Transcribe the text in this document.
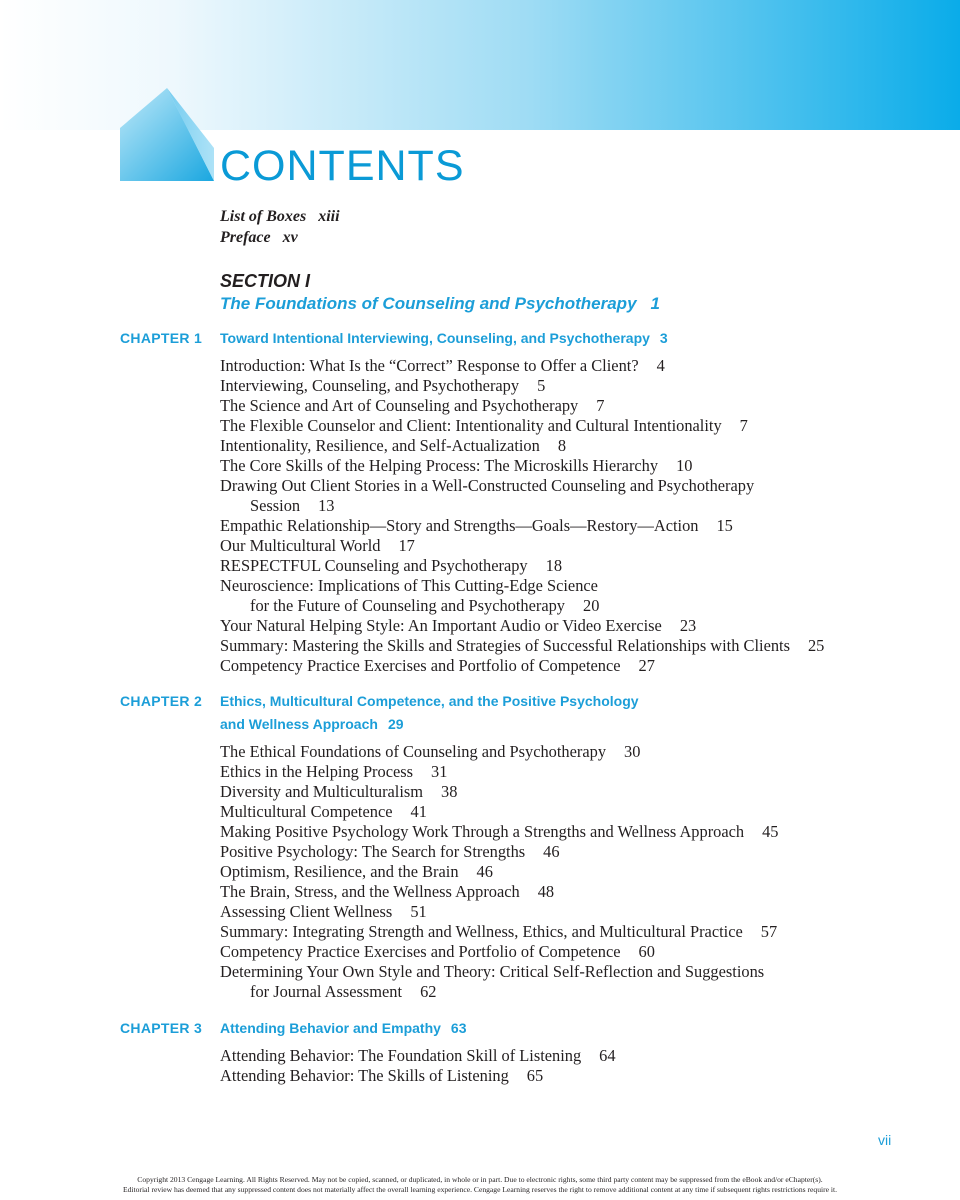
CONTENTS
List of Boxes xiii
Preface xv
SECTION I
The Foundations of Counseling and Psychotherapy 1
CHAPTER 1 Toward Intentional Interviewing, Counseling, and Psychotherapy 3
Introduction: What Is the “Correct” Response to Offer a Client? 4
Interviewing, Counseling, and Psychotherapy 5
The Science and Art of Counseling and Psychotherapy 7
The Flexible Counselor and Client: Intentionality and Cultural Intentionality 7
Intentionality, Resilience, and Self-Actualization 8
The Core Skills of the Helping Process: The Microskills Hierarchy 10
Drawing Out Client Stories in a Well-Constructed Counseling and Psychotherapy
Session 13
Empathic Relationship—Story and Strengths—Goals—Restory—Action 15
Our Multicultural World 17
RESPECTFUL Counseling and Psychotherapy 18
Neuroscience: Implications of This Cutting-Edge Science
for the Future of Counseling and Psychotherapy 20
Your Natural Helping Style: An Important Audio or Video Exercise 23
Summary: Mastering the Skills and Strategies of Successful Relationships with Clients 25
Competency Practice Exercises and Portfolio of Competence 27
CHAPTER 2 Ethics, Multicultural Competence, and the Positive Psychology
and Wellness Approach 29
The Ethical Foundations of Counseling and Psychotherapy 30
Ethics in the Helping Process 31
Diversity and Multiculturalism 38
Multicultural Competence 41
Making Positive Psychology Work Through a Strengths and Wellness Approach 45
Positive Psychology: The Search for Strengths 46
Optimism, Resilience, and the Brain 46
The Brain, Stress, and the Wellness Approach 48
Assessing Client Wellness 51
Summary: Integrating Strength and Wellness, Ethics, and Multicultural Practice 57
Competency Practice Exercises and Portfolio of Competence 60
Determining Your Own Style and Theory: Critical Self-Reflection and Suggestions
for Journal Assessment 62
CHAPTER 3 Attending Behavior and Empathy 63
Attending Behavior: The Foundation Skill of Listening 64
Attending Behavior: The Skills of Listening 65
vii
Copyright 2013 Cengage Learning. All Rights Reserved. May not be copied, scanned, or duplicated, in whole or in part. Due to electronic rights, some third party content may be suppressed from the eBook and/or eChapter(s).
Editorial review has deemed that any suppressed content does not materially affect the overall learning experience. Cengage Learning reserves the right to remove additional content at any time if subsequent rights restrictions require it.
